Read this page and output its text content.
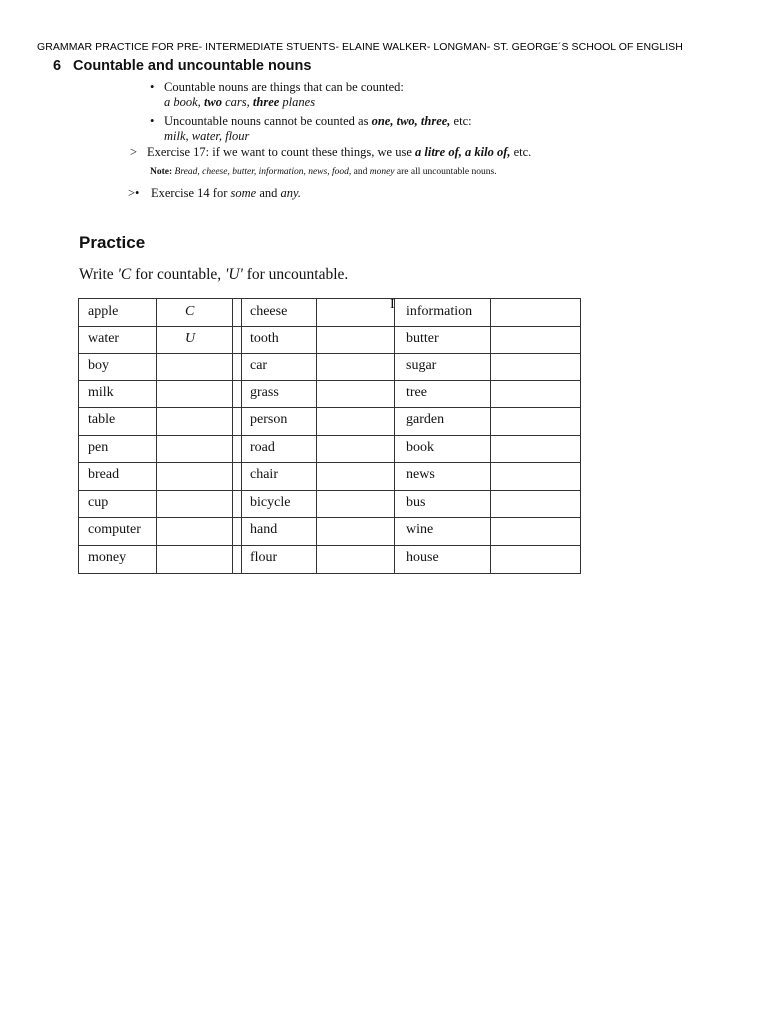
GRAMMAR PRACTICE FOR PRE- INTERMEDIATE STUENTS- ELAINE WALKER- LONGMAN- ST. GEORGE´S SCHOOL OF ENGLISH
6 Countable and uncountable nouns
• Countable nouns are things that can be counted:
a book, two cars, three planes
• Uncountable nouns cannot be counted as one, two, three, etc:
milk, water, flour
> Exercise 17: if we want to count these things, we use a litre of, a kilo of, etc.
Note: Bread, cheese, butter, information, news, food, and money are all uncountable nouns.
>• Exercise 14 for some and any.
Practice
Write 'C for countable, 'U' for uncountable.
I
apple	C	cheese	information
water	U	tooth	butter
boy	car	sugar
milk	grass	tree
table	person	garden
pen	road	book
bread	chair	news
cup	bicycle	bus
computer	hand	wine
money	flour	house
